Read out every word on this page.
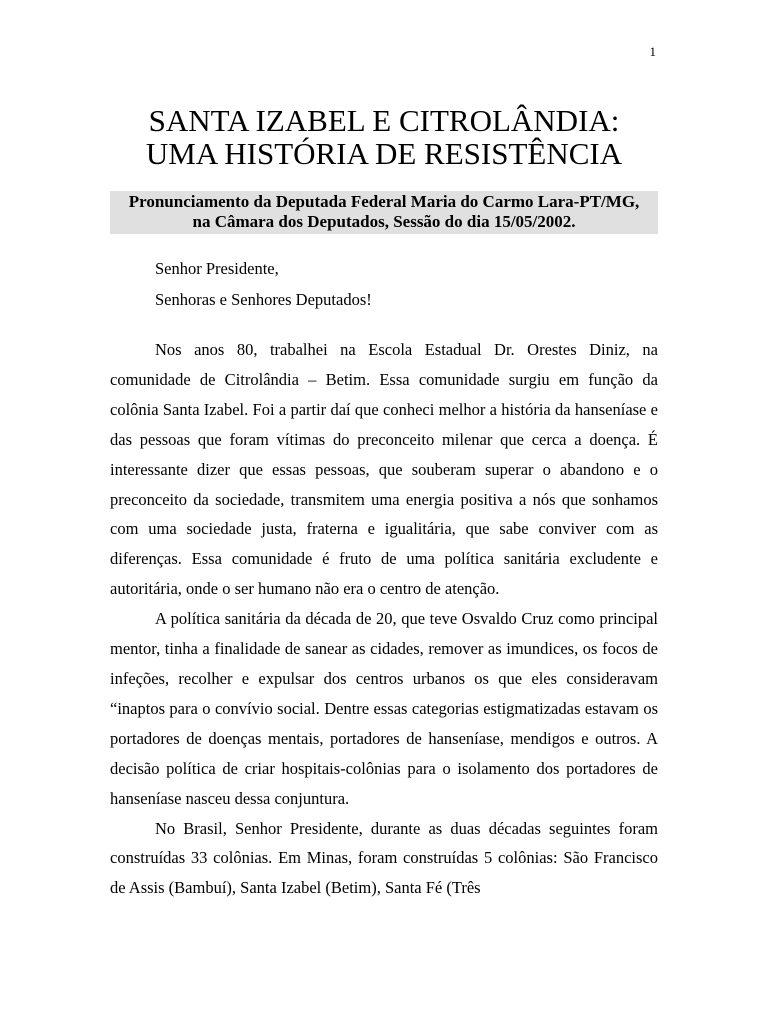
1
SANTA IZABEL E CITROLÂNDIA:
UMA HISTÓRIA DE RESISTÊNCIA
Pronunciamento da Deputada Federal Maria do Carmo Lara-PT/MG,
na Câmara dos Deputados, Sessão do dia 15/05/2002.

Senhor Presidente,

Senhoras e Senhores Deputados!

Nos anos 80, trabalhei na Escola Estadual Dr. Orestes Diniz, na comunidade de Citrolândia – Betim. Essa comunidade surgiu em função da colônia Santa Izabel. Foi a partir daí que conheci melhor a história da hanseníase e das pessoas que foram vítimas do preconceito milenar que cerca a doença. É interessante dizer que essas pessoas, que souberam superar o abandono e o preconceito da sociedade, transmitem uma energia positiva a nós que sonhamos com uma sociedade justa, fraterna e igualitária, que sabe conviver com as diferenças. Essa comunidade é fruto de uma política sanitária excludente e autoritária, onde o ser humano não era o centro de atenção.

A política sanitária da década de 20, que teve Osvaldo Cruz como principal mentor, tinha a finalidade de sanear as cidades, remover as imundices, os focos de infeções, recolher e expulsar dos centros urbanos os que eles consideravam “inaptos para o convívio social. Dentre essas categorias estigmatizadas estavam os portadores de doenças mentais, portadores de hanseníase, mendigos e outros. A decisão política de criar hospitais-colônias para o isolamento dos portadores de hanseníase nasceu dessa conjuntura.

No Brasil, Senhor Presidente, durante as duas décadas seguintes foram construídas 33 colônias. Em Minas, foram construídas 5 colônias: São Francisco de Assis (Bambuí), Santa Izabel (Betim), Santa Fé (Três
